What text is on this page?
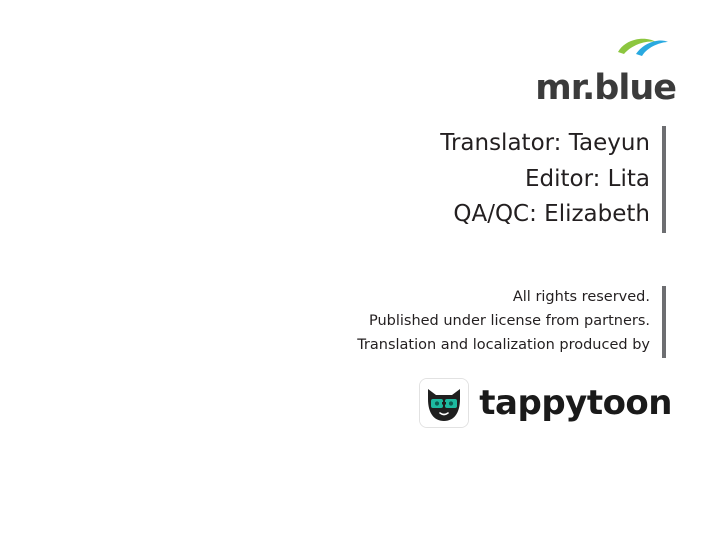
mr.blue
Translator: Taeyun
Editor: Lita
QA/QC: Elizabeth
All rights reserved.
Published under license from partners.
Translation and localization produced by
tappytoon
